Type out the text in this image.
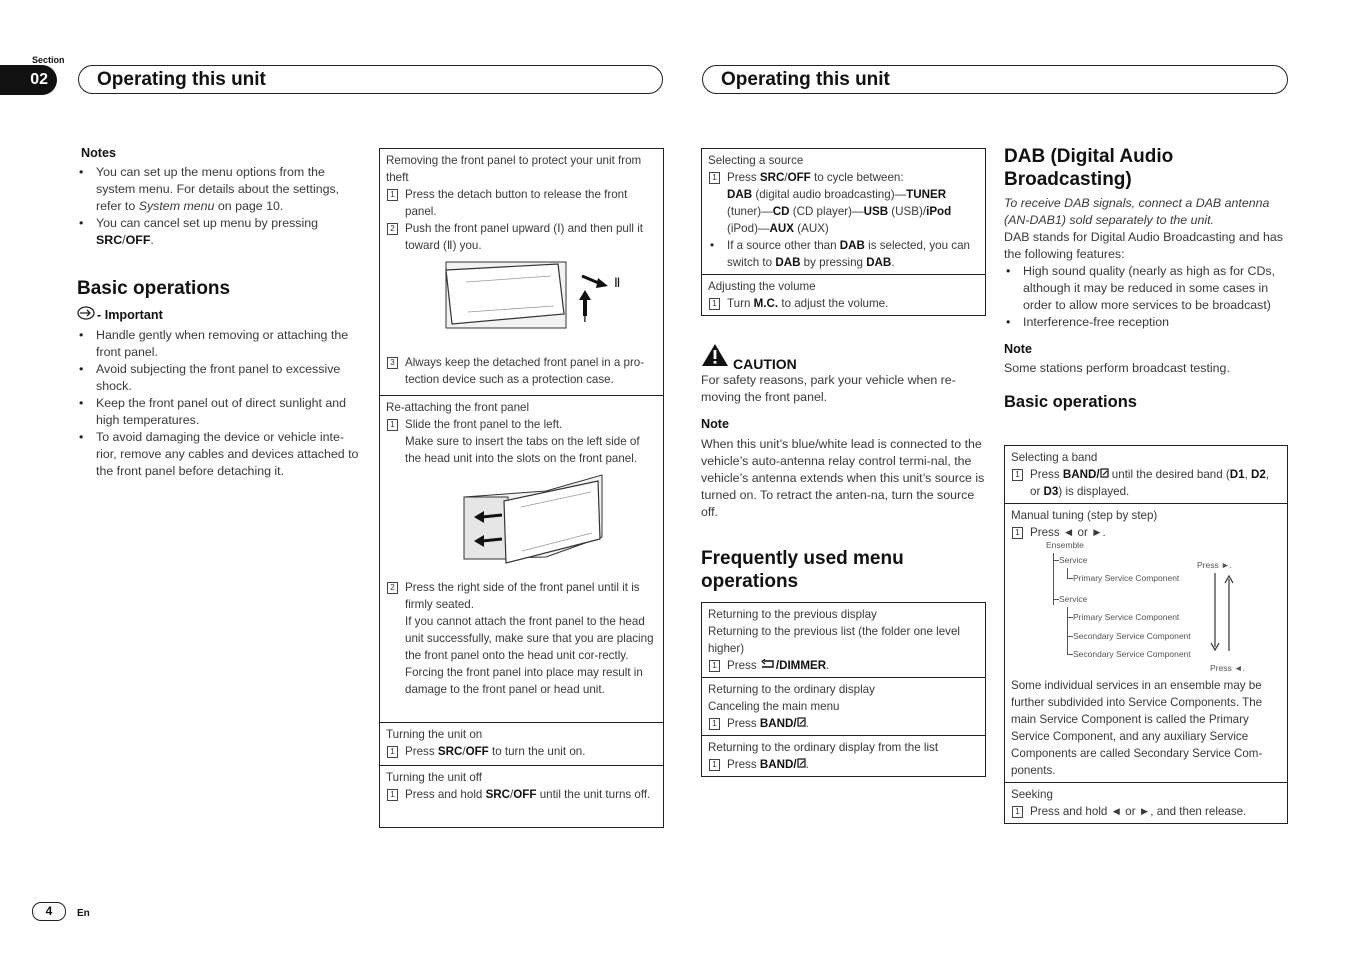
Section
02	Operating this unit	Operating this unit
Notes
• You can set up the menu options from the system menu. For details about the settings, refer to System menu on page 10.
• You can cancel set up menu by pressing SRC/OFF.
Basic operations
- Important
• Handle gently when removing or attaching the front panel.
• Avoid subjecting the front panel to excessive shock.
• Keep the front panel out of direct sunlight and high temperatures.
• To avoid damaging the device or vehicle inte-rior, remove any cables and devices attached to the front panel before detaching it.
Removing the front panel to protect your unit from theft
1 Press the detach button to release the front panel.
2 Push the front panel upward (Ⅰ) and then pull it toward (Ⅱ) you.
Ⅱ
Ⅰ
3 Always keep the detached front panel in a pro-tection device such as a protection case.
Re-attaching the front panel
1 Slide the front panel to the left.
Make sure to insert the tabs on the left side of the head unit into the slots on the front panel.
2 Press the right side of the front panel until it is firmly seated.
If you cannot attach the front panel to the head unit successfully, make sure that you are placing the front panel onto the head unit cor-rectly. Forcing the front panel into place may result in damage to the front panel or head unit.
Turning the unit on
1 Press SRC/OFF to turn the unit on.
Turning the unit off
1 Press and hold SRC/OFF until the unit turns off.
Selecting a source
1 Press SRC/OFF to cycle between:
DAB (digital audio broadcasting)—TUNER
(tuner)—CD (CD player)—USB (USB)/iPod
(iPod)—AUX (AUX)
• If a source other than DAB is selected, you can switch to DAB by pressing DAB.
Adjusting the volume
1 Turn M.C. to adjust the volume.
CAUTION
For safety reasons, park your vehicle when re-moving the front panel.
Note
When this unit’s blue/white lead is connected to the vehicle’s auto-antenna relay control termi-nal, the vehicle’s antenna extends when this unit’s source is turned on. To retract the anten-na, turn the source off.
Frequently used menu operations
Returning to the previous display
Returning to the previous list (the folder one level higher)
1 Press /DIMMER.
Returning to the ordinary display
Canceling the main menu
1 Press BAND/ .
Returning to the ordinary display from the list
1 Press BAND/ .
DAB (Digital Audio Broadcasting)
To receive DAB signals, connect a DAB antenna (AN-DAB1) sold separately to the unit.
DAB stands for Digital Audio Broadcasting and has the following features:
• High sound quality (nearly as high as for CDs, although it may be reduced in some cases in order to allow more services to be broadcast)
• Interference-free reception
Note
Some stations perform broadcast testing.
Basic operations
Selecting a band
1 Press BAND/ until the desired band (D1, D2, or D3) is displayed.
Manual tuning (step by step)
1 Press ◄ or ►.
Ensemble
Service
Primary Service Component
Service
Primary Service Component
Secondary Service Component
Secondary Service Component
Press ►.
Press ◄.
Some individual services in an ensemble may be further subdivided into Service Components. The main Service Component is called the Primary Service Component, and any auxiliary Service Components are called Secondary Service Com-ponents.
Seeking
1 Press and hold ◄ or ►, and then release.
4	En
